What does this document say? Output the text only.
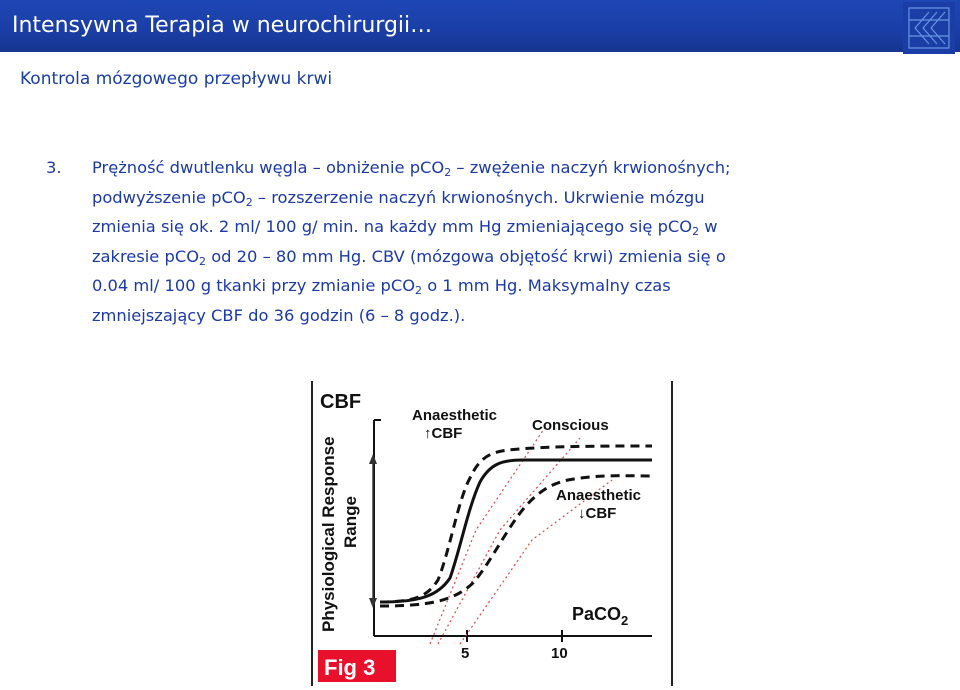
Intensywna Terapia w neurochirurgii…
Kontrola mózgowego przepływu krwi
3. Prężność dwutlenku węgla – obniżenie pCO$_2$ – zwężenie naczyń krwionośnych;
podwyższenie pCO$_2$ – rozszerzenie naczyń krwionośnych. Ukrwienie mózgu
zmienia się ok. 2 ml/ 100 g/ min. na każdy mm Hg zmieniającego się pCO$_2$ w
zakresie pCO$_2$ od 20 – 80 mm Hg. CBV (mózgowa objętość krwi) zmienia się o
0.04 ml/ 100 g tkanki przy zmianie pCO$_2$ o 1 mm Hg. Maksymalny czas
zmniejszający CBF do 36 godzin (6 – 8 godz.).
Physiological Response Range
CBF
Anaesthetic
↑CBF	Conscious
Anaesthetic
↓CBF
PaCO$_2$
5	10
Fig 3
